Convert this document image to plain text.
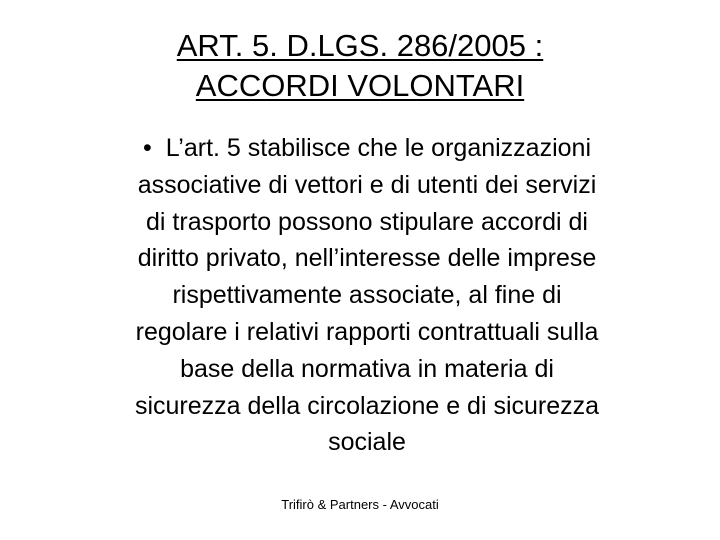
ART. 5. D.LGS. 286/2005 :
ACCORDI VOLONTARI
• L’art. 5 stabilisce che le organizzazioni
associative di vettori e di utenti dei servizi
di trasporto possono stipulare accordi di
diritto privato, nell’interesse delle imprese
rispettivamente associate, al fine di
regolare i relativi rapporti contrattuali sulla
base della normativa in materia di
sicurezza della circolazione e di sicurezza
sociale
Trifirò & Partners - Avvocati
